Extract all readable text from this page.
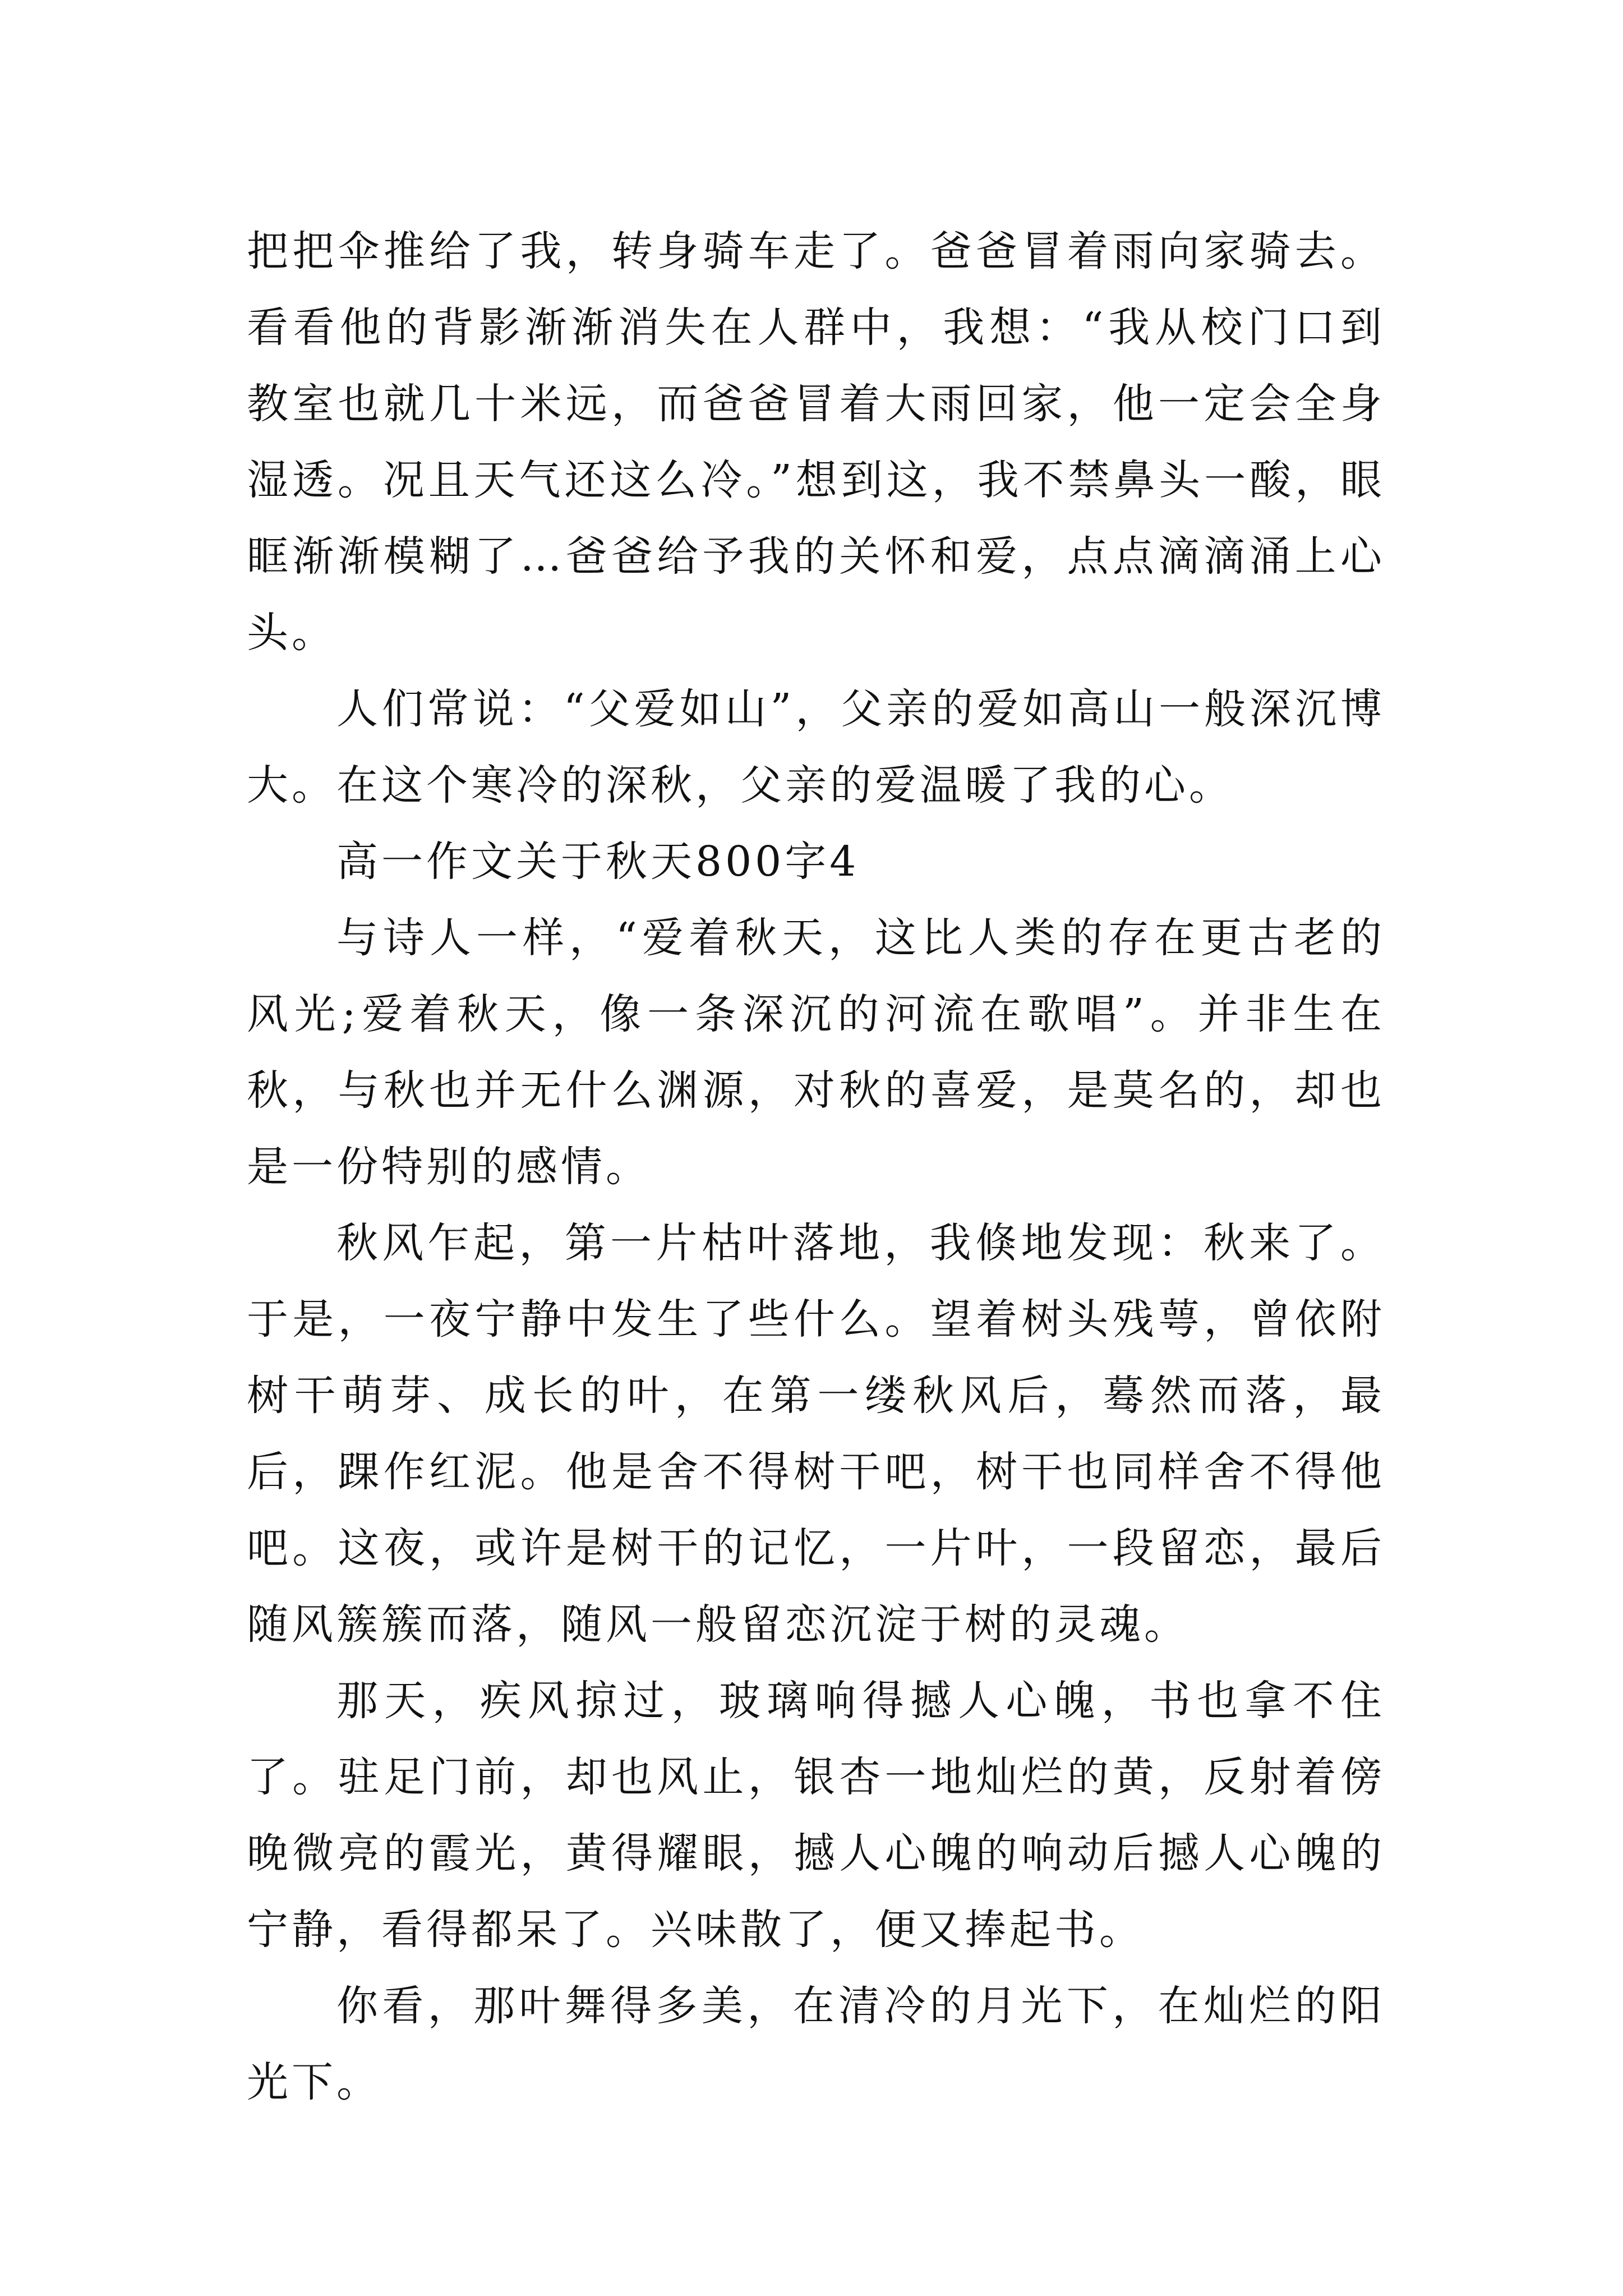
把把伞推给了我，转身骑车走了。爸爸冒着雨向家骑去。看看他的背影渐渐消失在人群中，我想：“我从校门口到教室也就几十米远，而爸爸冒着大雨回家，他一定会全身湿透。况且天气还这么冷。”想到这，我不禁鼻头一酸，眼眶渐渐模糊了…爸爸给予我的关怀和爱，点点滴滴涌上心头。

人们常说：“父爱如山”，父亲的爱如高山一般深沉博大。在这个寒冷的深秋，父亲的爱温暖了我的心。

高一作文关于秋天800字4

与诗人一样，“爱着秋天，这比人类的存在更古老的风光;爱着秋天，像一条深沉的河流在歌唱”。并非生在秋，与秋也并无什么渊源，对秋的喜爱，是莫名的，却也是一份特别的感情。

秋风乍起，第一片枯叶落地，我倏地发现：秋来了。于是，一夜宁静中发生了些什么。望着树头残萼，曾依附树干萌芽、成长的叶，在第一缕秋风后，蓦然而落，最后，踝作红泥。他是舍不得树干吧，树干也同样舍不得他吧。这夜，或许是树干的记忆，一片叶，一段留恋，最后随风簇簇而落，随风一般留恋沉淀于树的灵魂。

那天，疾风掠过，玻璃响得撼人心魄，书也拿不住了。驻足门前，却也风止，银杏一地灿烂的黄，反射着傍晚微亮的霞光，黄得耀眼，撼人心魄的响动后撼人心魄的宁静，看得都呆了。兴味散了，便又捧起书。

你看，那叶舞得多美，在清冷的月光下，在灿烂的阳光下。
